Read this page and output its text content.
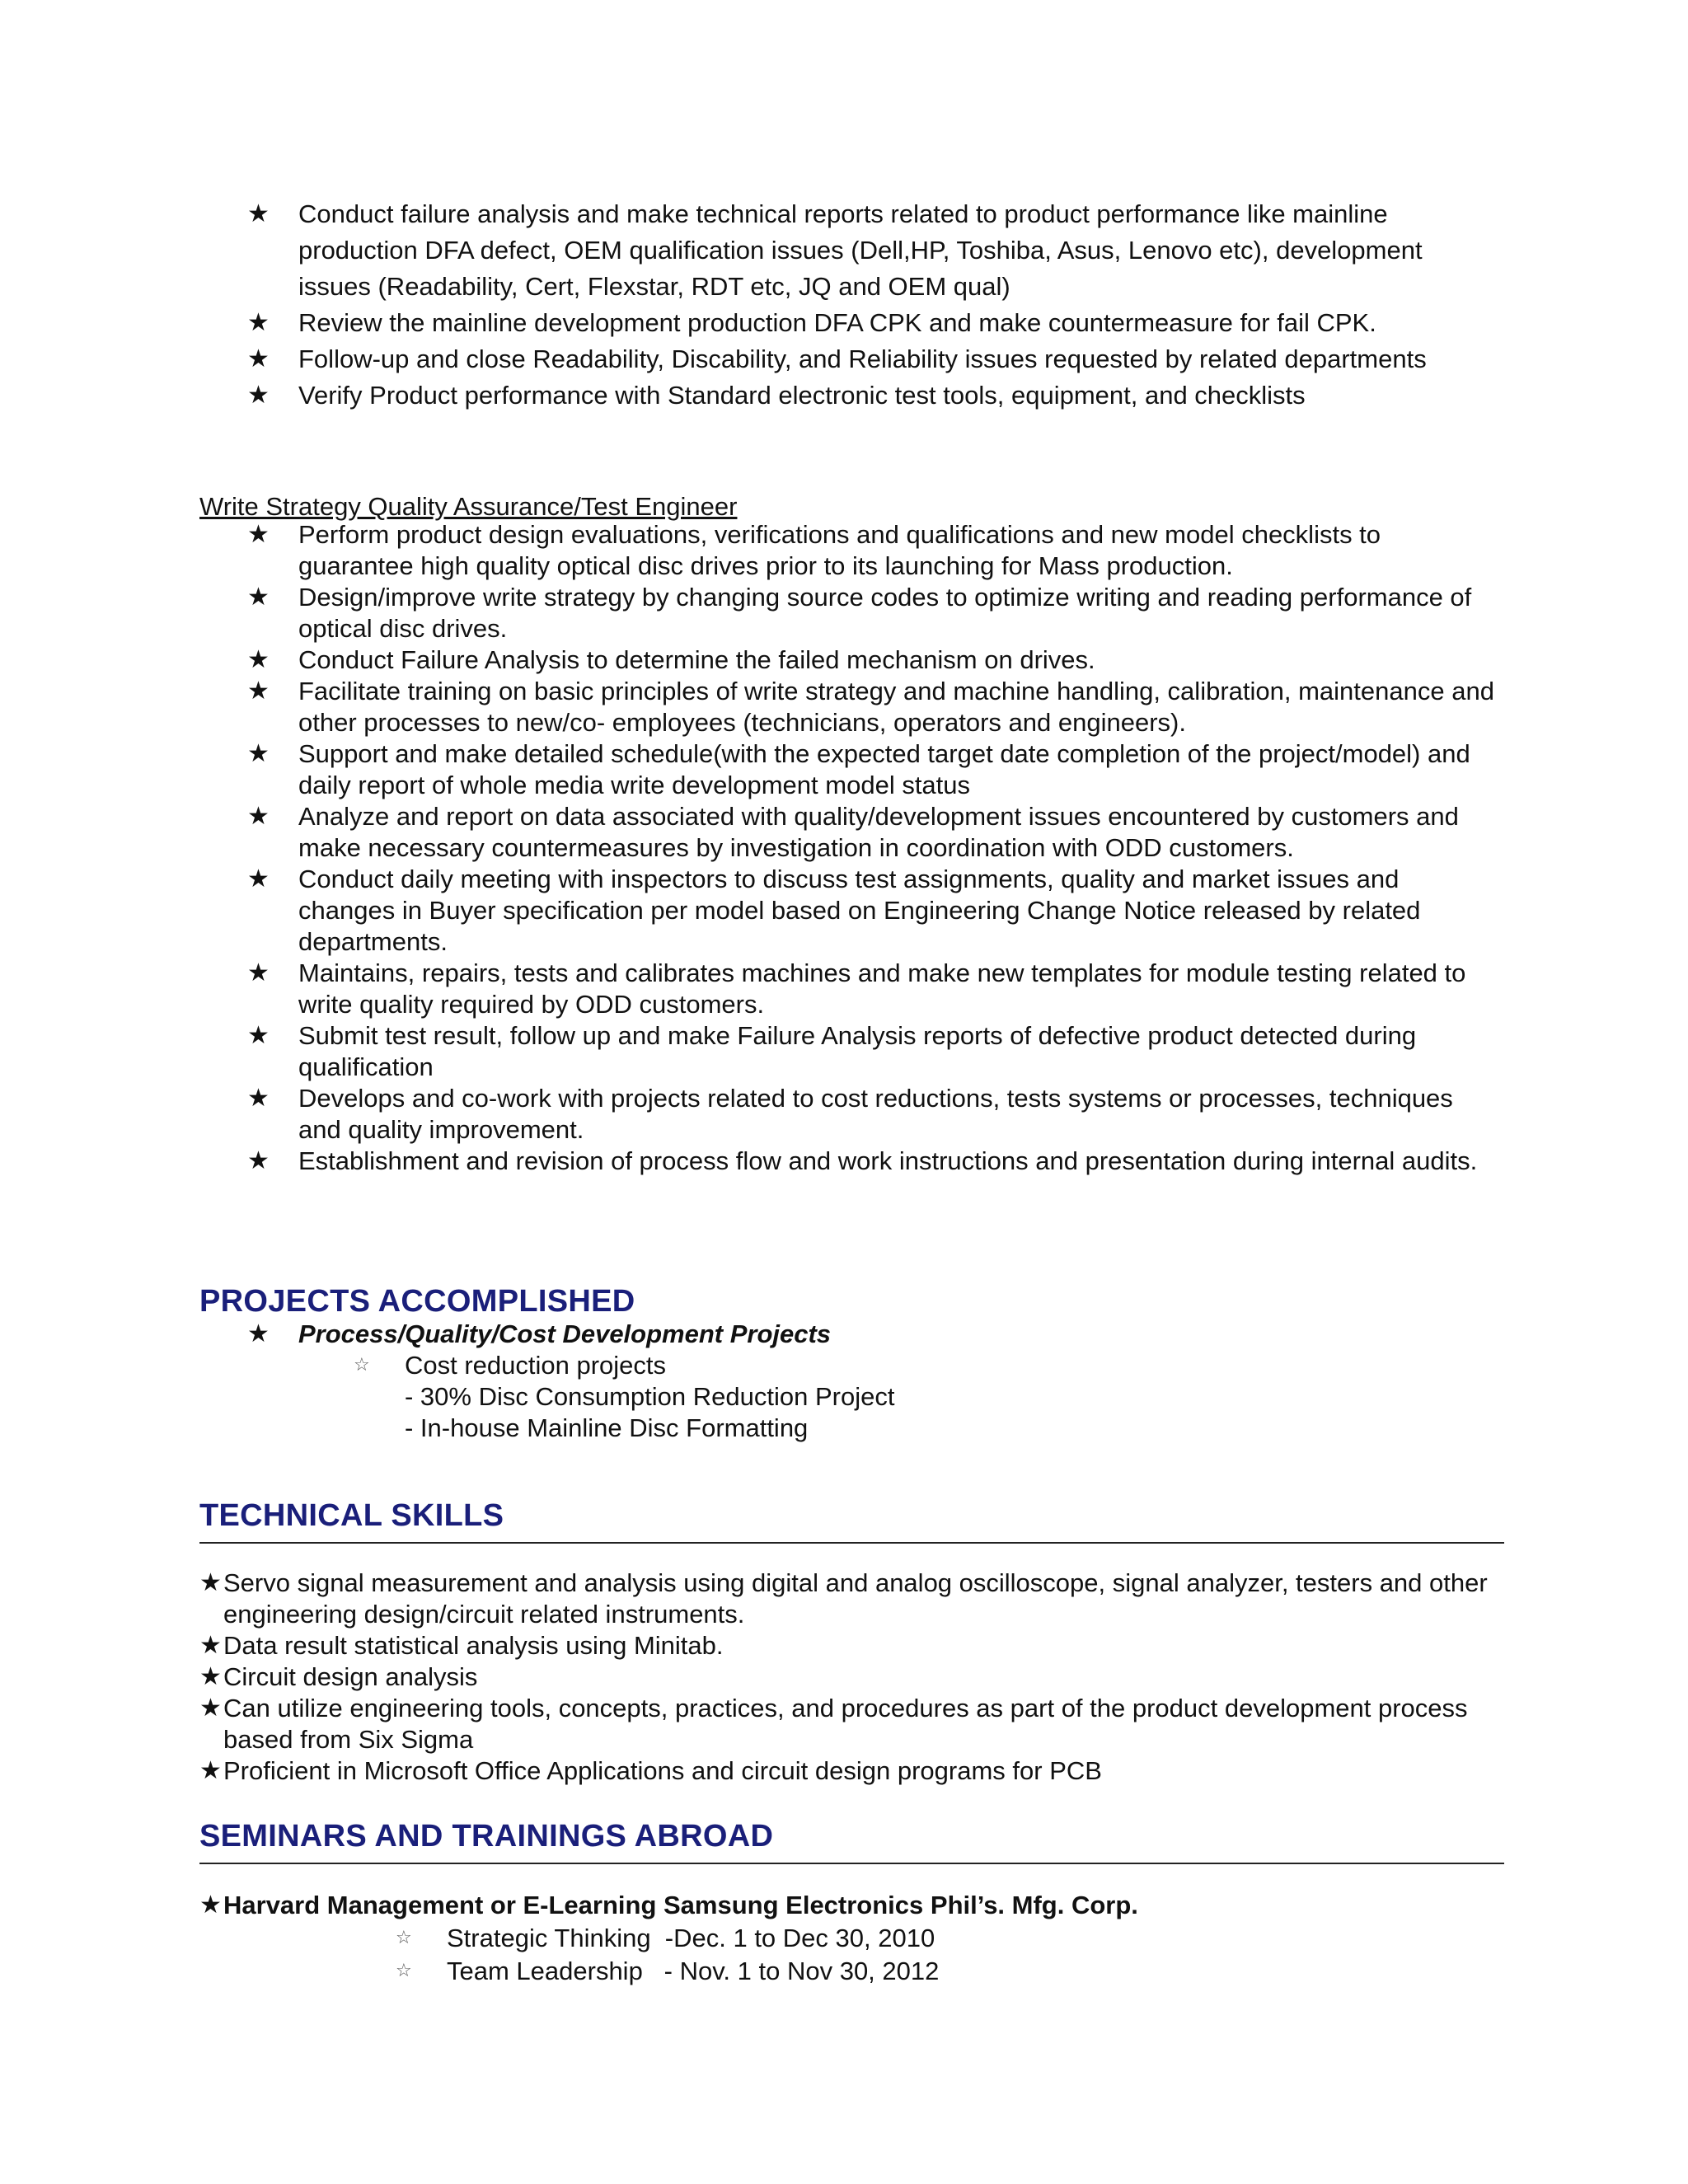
★ Conduct failure analysis and make technical reports related to product performance like mainline production DFA defect, OEM qualification issues (Dell,HP, Toshiba, Asus, Lenovo etc), development issues (Readability, Cert, Flexstar, RDT etc, JQ and OEM qual)
★ Review the mainline development production DFA CPK and make countermeasure for fail CPK.
★ Follow-up and close Readability, Discability, and Reliability issues requested by related departments
★ Verify Product performance with Standard electronic test tools, equipment, and checklists
Write Strategy Quality Assurance/Test Engineer
★ Perform product design evaluations, verifications and qualifications and new model checklists to guarantee high quality optical disc drives prior to its launching for Mass production.
★ Design/improve write strategy by changing source codes to optimize writing and reading performance of optical disc drives.
★ Conduct Failure Analysis to determine the failed mechanism on drives.
★ Facilitate training on basic principles of write strategy and machine handling, calibration, maintenance and other processes to new/co- employees (technicians, operators and engineers).
★ Support and make detailed schedule(with the expected target date completion of the project/model) and daily report of whole media write development model status
★ Analyze and report on data associated with quality/development issues encountered by customers and make necessary countermeasures by investigation in coordination with ODD customers.
★ Conduct daily meeting with inspectors to discuss test assignments, quality and market issues and changes in Buyer specification per model based on Engineering Change Notice released by related departments.
★ Maintains, repairs, tests and calibrates machines and make new templates for module testing related to write quality required by ODD customers.
★ Submit test result, follow up and make Failure Analysis reports of defective product detected during qualification
★ Develops and co-work with projects related to cost reductions, tests systems or processes, techniques and quality improvement.
★ Establishment and revision of process flow and work instructions and presentation during internal audits.
PROJECTS ACCOMPLISHED
★ Process/Quality/Cost Development Projects
☆ Cost reduction projects
- 30% Disc Consumption Reduction Project
- In-house Mainline Disc Formatting
TECHNICAL SKILLS
★ Servo signal measurement and analysis using digital and analog oscilloscope, signal analyzer, testers and other engineering design/circuit related instruments.
★ Data result statistical analysis using Minitab.
★ Circuit design analysis
★ Can utilize engineering tools, concepts, practices, and procedures as part of the product development process based from Six Sigma
★ Proficient in Microsoft Office Applications and circuit design programs for PCB
SEMINARS AND TRAININGS ABROAD
★ Harvard Management or E-Learning Samsung Electronics Phil’s. Mfg. Corp.
☆ Strategic Thinking  -Dec. 1 to Dec 30, 2010
☆ Team Leadership   - Nov. 1 to Nov 30, 2012
